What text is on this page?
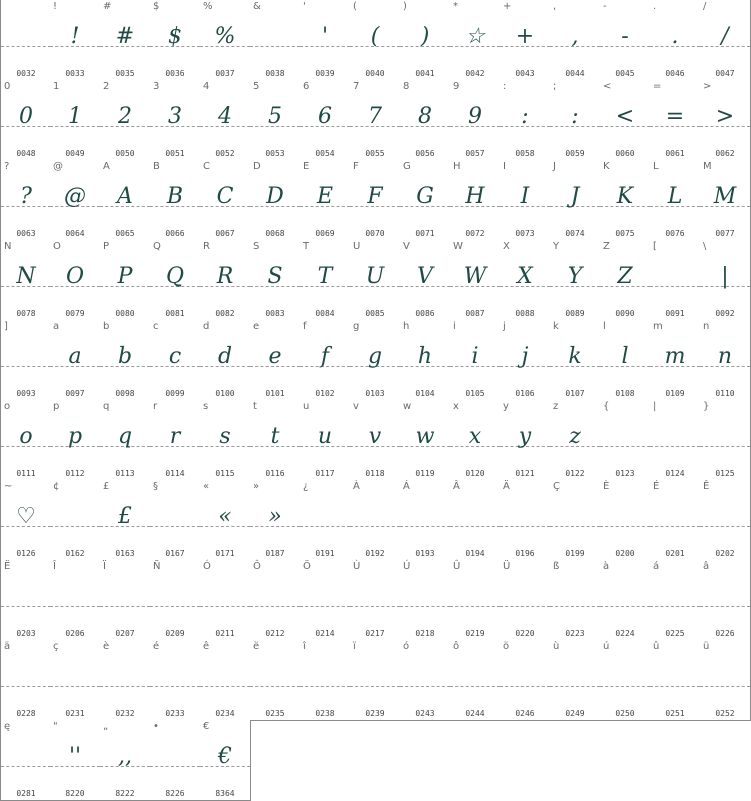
0032
!
!
0033
#
#
0035
$
$
0036
%
%
0037
&
0038
'
'
0039
(
(
0040
)
)
0041
*
☆
0042
+
+
0043
,
,
0044
-
-
0045
.
.
0046
/
/
0047
0
0
0048
1
1
0049
2
2
0050
3
3
0051
4
4
0052
5
5
0053
6
6
0054
7
7
0055
8
8
0056
9
9
0057
:
:
0058
;
:
0059
<
<
0060
=
=
0061
>
>
0062
?
?
0063
@
@
0064
A
A
0065
B
B
0066
C
C
0067
D
D
0068
E
E
0069
F
F
0070
G
G
0071
H
H
0072
I
I
0073
J
J
0074
K
K
0075
L
L
0076
M
M
0077
N
N
0078
O
O
0079
P
P
0080
Q
Q
0081
R
R
0082
S
S
0083
T
T
0084
U
U
0085
V
V
0086
W
W
0087
X
X
0088
Y
Y
0089
Z
Z
0090
[
0091
\
|
0092
]
0093
a
a
0097
b
b
0098
c
c
0099
d
d
0100
e
e
0101
f
f
0102
g
g
0103
h
h
0104
i
i
0105
j
j
0106
k
k
0107
l
l
0108
m
m
0109
n
n
0110
o
o
0111
p
p
0112
q
q
0113
r
r
0114
s
s
0115
t
t
0116
u
u
0117
v
v
0118
w
w
0119
x
x
0120
y
y
0121
z
z
0122
{
0123
|
0124
}
0125
~
♡
0126
¢
0162
£
£
0163
§
0167
«
«
0171
»
»
0187
¿
0191
À
0192
Á
0193
Â
0194
Ä
0196
Ç
0199
È
0200
É
0201
Ê
0202
Ë
0203
Î
0206
Ï
0207
Ñ
0209
Ó
0211
Ô
0212
Ö
0214
Ù
0217
Ú
0218
Û
0219
Ü
0220
ß
0223
à
0224
á
0225
â
0226
ä
0228
ç
0231
è
0232
é
0233
ê
0234
ë
0235
î
0238
ï
0239
ó
0243
ô
0244
ö
0246
ù
0249
ú
0250
û
0251
ü
0252
ę
0281
"
''
8220
„
,,
8222
•
8226
€
€
8364
